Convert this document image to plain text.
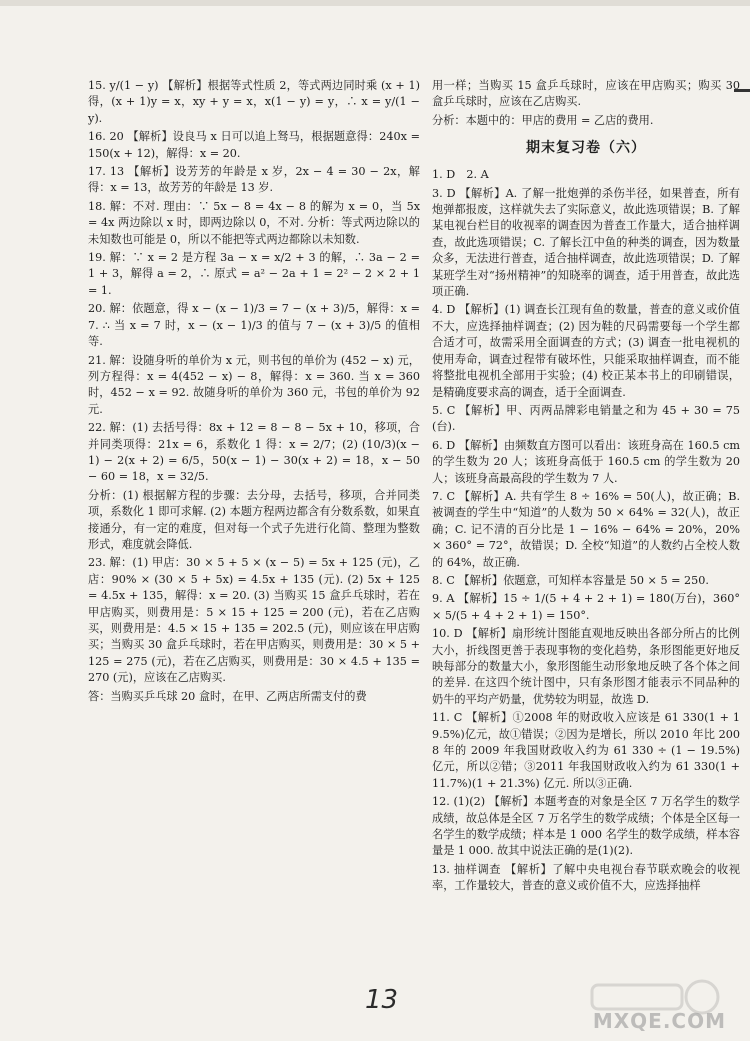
15. y/(1 − y) 【解析】根据等式性质 2，等式两边同时乘 (x + 1) 得，(x + 1)y = x，xy + y = x，x(1 − y) = y，∴ x = y/(1 − y).

16. 20 【解析】设良马 x 日可以追上驽马，根据题意得：240x = 150(x + 12)，解得：x = 20.

17. 13 【解析】设芳芳的年龄是 x 岁，2x − 4 = 30 − 2x，解得：x = 13，故芳芳的年龄是 13 岁.

18. 解：不对. 理由：∵ 5x − 8 = 4x − 8 的解为 x = 0，当 5x = 4x 两边除以 x 时，即两边除以 0，不对. 分析：等式两边除以的未知数也可能是 0，所以不能把等式两边都除以未知数.

19. 解：∵ x = 2 是方程 3a − x = x/2 + 3 的解，∴ 3a − 2 = 1 + 3，解得 a = 2，∴ 原式 = a² − 2a + 1 = 2² − 2 × 2 + 1 = 1.

20. 解：依题意，得 x − (x − 1)/3 = 7 − (x + 3)/5，解得：x = 7. ∴ 当 x = 7 时，x − (x − 1)/3 的值与 7 − (x + 3)/5 的值相等.

21. 解：设随身听的单价为 x 元，则书包的单价为 (452 − x) 元，列方程得：x = 4(452 − x) − 8，解得：x = 360. 当 x = 360 时，452 − x = 92. 故随身听的单价为 360 元，书包的单价为 92 元.

22. 解：(1) 去括号得：8x + 12 = 8 − 8 − 5x + 10，移项，合并同类项得：21x = 6，系数化 1 得：x = 2/7；(2) (10/3)(x − 1) − 2(x + 2) = 6/5，50(x − 1) − 30(x + 2) = 18，x − 50 − 60 = 18，x = 32/5.

分析：(1) 根据解方程的步骤：去分母，去括号，移项，合并同类项，系数化 1 即可求解. (2) 本题方程两边都含有分数系数，如果直接通分，有一定的难度，但对每一个式子先进行化简、整理为整数形式，难度就会降低.

23. 解：(1) 甲店：30 × 5 + 5 × (x − 5) = 5x + 125 (元)，乙店：90% × (30 × 5 + 5x) = 4.5x + 135 (元). (2) 5x + 125 = 4.5x + 135，解得：x = 20. (3) 当购买 15 盒乒乓球时，若在甲店购买，则费用是：5 × 15 + 125 = 200 (元)，若在乙店购买，则费用是：4.5 × 15 + 135 = 202.5 (元)，则应该在甲店购买；当购买 30 盒乒乓球时，若在甲店购买，则费用是：30 × 5 + 125 = 275 (元)，若在乙店购买，则费用是：30 × 4.5 + 135 = 270 (元)，应该在乙店购买.

答：当购买乒乓球 20 盒时，在甲、乙两店所需支付的费

用一样；当购买 15 盒乒乓球时，应该在甲店购买；购买 30 盒乒乓球时，应该在乙店购买.

分析：本题中的：甲店的费用 = 乙店的费用.

期末复习卷（六）

1. D　2. A

3. D 【解析】A. 了解一批炮弹的杀伤半径，如果普查，所有炮弹都报废，这样就失去了实际意义，故此选项错误；B. 了解某电视台栏目的收视率的调查因为普查工作量大，适合抽样调查，故此选项错误；C. 了解长江中鱼的种类的调查，因为数量众多，无法进行普查，适合抽样调查，故此选项错误；D. 了解某班学生对“扬州精神”的知晓率的调查，适于用普查，故此选项正确.

4. D 【解析】(1) 调查长江现有鱼的数量，普查的意义或价值不大，应选择抽样调查；(2) 因为鞋的尺码需要每一个学生都合适才可，故需采用全面调查的方式；(3) 调查一批电视机的使用寿命，调查过程带有破坏性，只能采取抽样调查，而不能将整批电视机全部用于实验；(4) 校正某本书上的印刷错误，是精确度要求高的调查，适于全面调查.

5. C 【解析】甲、丙两品牌彩电销量之和为 45 + 30 = 75(台).

6. D 【解析】由频数直方图可以看出：该班身高在 160.5 cm 的学生数为 20 人；该班身高低于 160.5 cm 的学生数为 20 人；该班身高最高段的学生数为 7 人.

7. C 【解析】A. 共有学生 8 ÷ 16% = 50(人)，故正确；B. 被调查的学生中“知道”的人数为 50 × 64% = 32(人)，故正确；C. 记不清的百分比是 1 − 16% − 64% = 20%，20% × 360° = 72°，故错误；D. 全校“知道”的人数约占全校人数的 64%，故正确.

8. C 【解析】依题意，可知样本容量是 50 × 5 = 250.

9. A 【解析】15 ÷ 1/(5 + 4 + 2 + 1) = 180(万台)，360° × 5/(5 + 4 + 2 + 1) = 150°.

10. D 【解析】扇形统计图能直观地反映出各部分所占的比例大小，折线图更善于表现事物的变化趋势，条形图能更好地反映每部分的数量大小，象形图能生动形象地反映了各个体之间的差异. 在这四个统计图中，只有条形图才能表示不同品种的奶牛的平均产奶量，优势较为明显，故选 D.

11. C 【解析】①2008 年的财政收入应该是 61 330(1 + 19.5%)亿元，故①错误；②因为是增长，所以 2010 年比 2008 年的 2009 年我国财政收入约为 61 330 ÷ (1 − 19.5%) 亿元，所以②错；③2011 年我国财政收入约为 61 330(1 + 11.7%)(1 + 21.3%) 亿元. 所以③正确.

12. (1)(2) 【解析】本题考查的对象是全区 7 万名学生的数学成绩，故总体是全区 7 万名学生的数学成绩；个体是全区每一名学生的数学成绩；样本是 1 000 名学生的数学成绩，样本容量是 1 000. 故其中说法正确的是(1)(2).

13. 抽样调查 【解析】了解中央电视台春节联欢晚会的收视率，工作量较大，普查的意义或价值不大，应选择抽样

13
MXQE.COM
